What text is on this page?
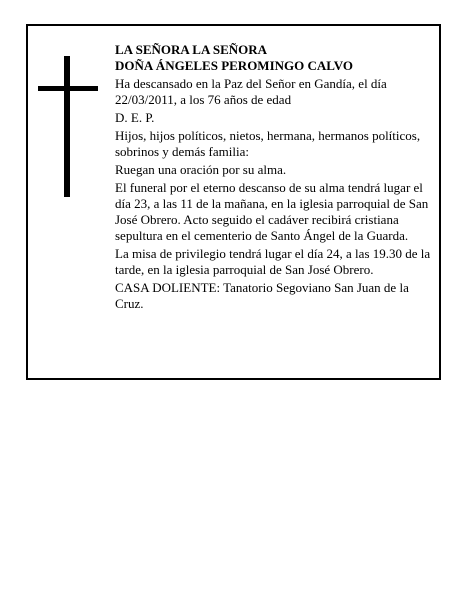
LA SEÑORA LA SEÑORA

DOÑA ÁNGELES PEROMINGO CALVO

Ha descansado en la Paz del Señor en Gandía, el día 22/03/2011, a los 76 años de edad

D. E. P.

Hijos, hijos políticos, nietos, hermana, hermanos políticos, sobrinos y demás familia:

Ruegan una oración por su alma.

El funeral por el eterno descanso de su alma tendrá lugar el día 23, a las 11 de la mañana, en la iglesia parroquial de San José Obrero. Acto seguido el cadáver recibirá cristiana sepultura en el cementerio de Santo Ángel de la Guarda.

La misa de privilegio tendrá lugar el día 24, a las 19.30 de la tarde, en la iglesia parroquial de San José Obrero.

CASA DOLIENTE: Tanatorio Segoviano San Juan de la Cruz.
